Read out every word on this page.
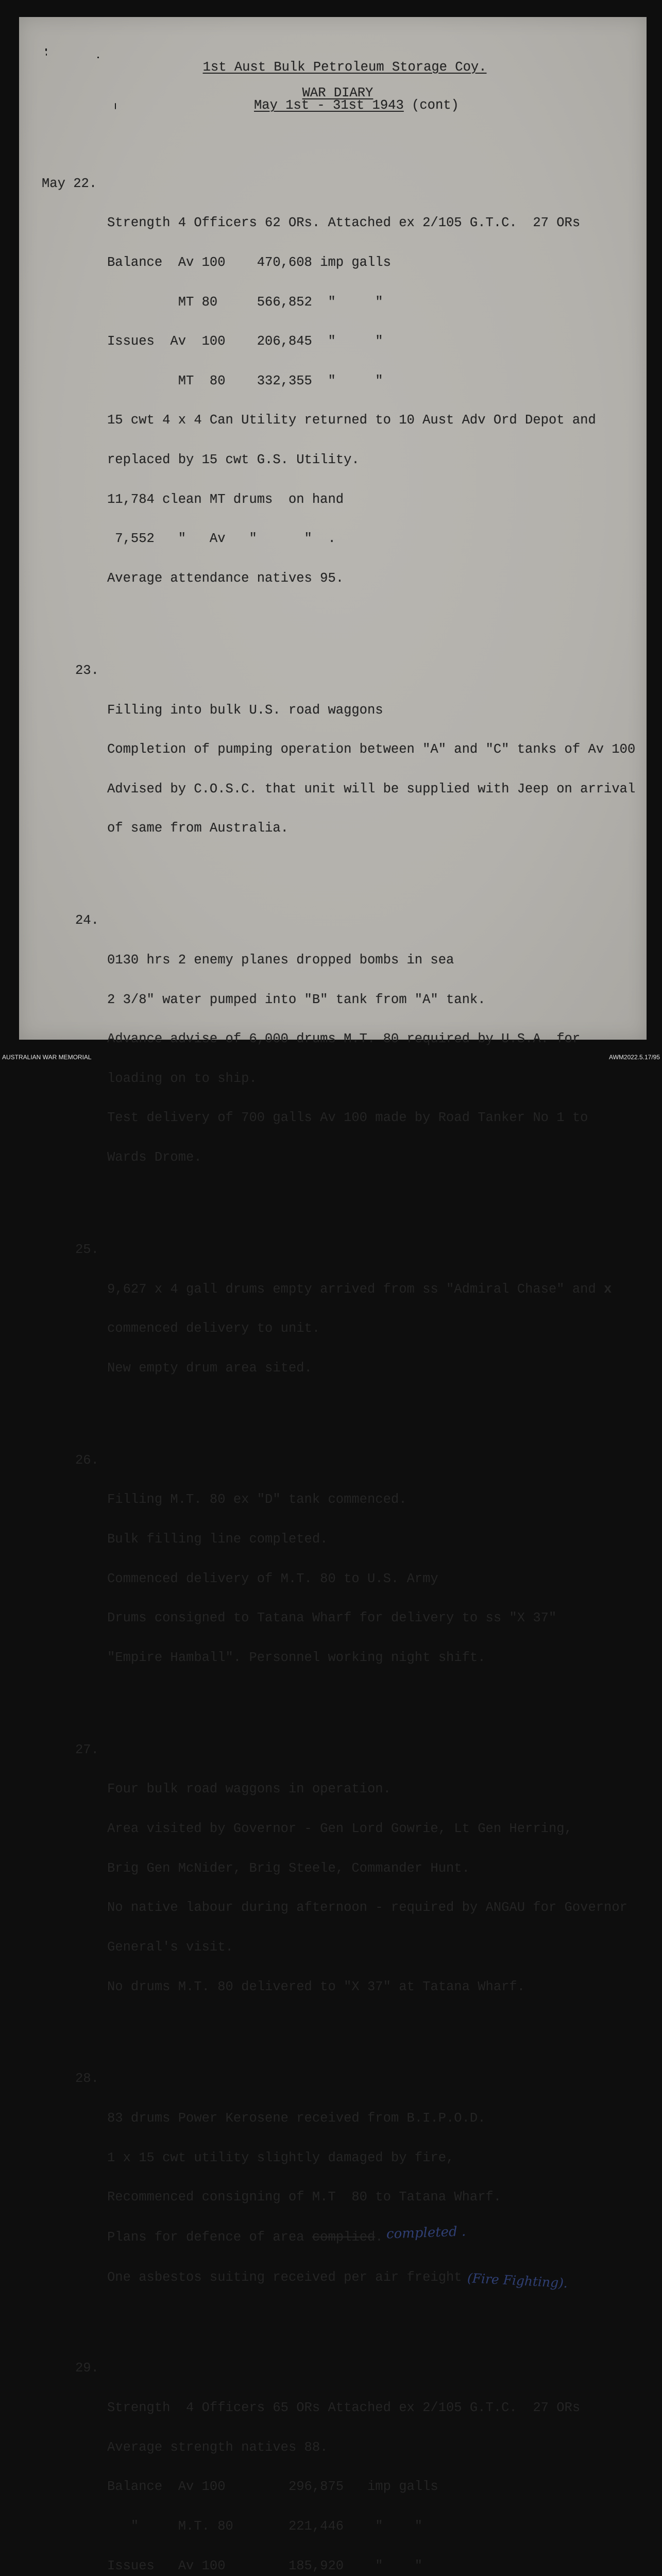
1st Aust Bulk Petroleum Storage Coy.

WAR DIARY

May 1st - 31st 1943 (cont)

May 22.

Strength 4 Officers 62 ORs. Attached ex 2/105 G.T.C.  27 ORs

Balance  Av 100    470,608 imp galls

MT 80     566,852  "     "

Issues  Av  100    206,845  "     "

MT  80    332,355  "     "

15 cwt 4 x 4 Can Utility returned to 10 Aust Adv Ord Depot and

replaced by 15 cwt G.S. Utility.

11,784 clean MT drums  on hand

7,552   "   Av   "      "  .

Average attendance natives 95.

23.

Filling into bulk U.S. road waggons

Completion of pumping operation between "A" and "C" tanks of Av 100

Advised by C.O.S.C. that unit will be supplied with Jeep on arrival

of same from Australia.

24.

0130 hrs 2 enemy planes dropped bombs in sea

2 3/8" water pumped into "B" tank from "A" tank.

Advance advise of 6,000 drums M.T. 80 required by U.S.A. for

loading on to ship.

Test delivery of 700 galls Av 100 made by Road Tanker No 1 to

Wards Drome.

25.

9,627 x 4 gall drums empty arrived from ss "Admiral Chase" and x

commenced delivery to unit.

New empty drum area sited.

26.

Filling M.T. 80 ex "D" tank commenced.

Bulk filling line completed.

Commenced delivery of M.T. 80 to U.S. Army

Drums consigned to Tatana Wharf for delivery to ss "X 37"

"Empire Hamball". Personnel working night shift.

27.

Four bulk road waggons in operation.

Area visited by Governor - Gen Lord Gowrie, Lt Gen Herring,

Brig Gen McNider, Brig Steele, Commander Hunt.

No native labour during afternoon - required by ANGAU for Governor

General's visit.

No drums M.T. 80 delivered to "X 37" at Tatana Wharf.

28.

83 drums Power Kerosene received from B.I.P.O.D.

1 x 15 cwt utility slightly damaged by fire,

Recommenced consigning of M.T  80 to Tatana Wharf.

Plans for defence of area complied. completed .

One asbestos suiting received per air freight (Fire Fighting).

29.

Strength  4 Officers 65 ORs Attached ex 2/105 G.T.C.  27 ORs

Average strength natives 88.

Balance  Av 100        296,875   imp galls

"     M.T. 80       221,446    "    "

Issues   Av 100        185,920    "    "

AUSTRALIAN WAR MEMORIAL	AWM2022.5.17/95
